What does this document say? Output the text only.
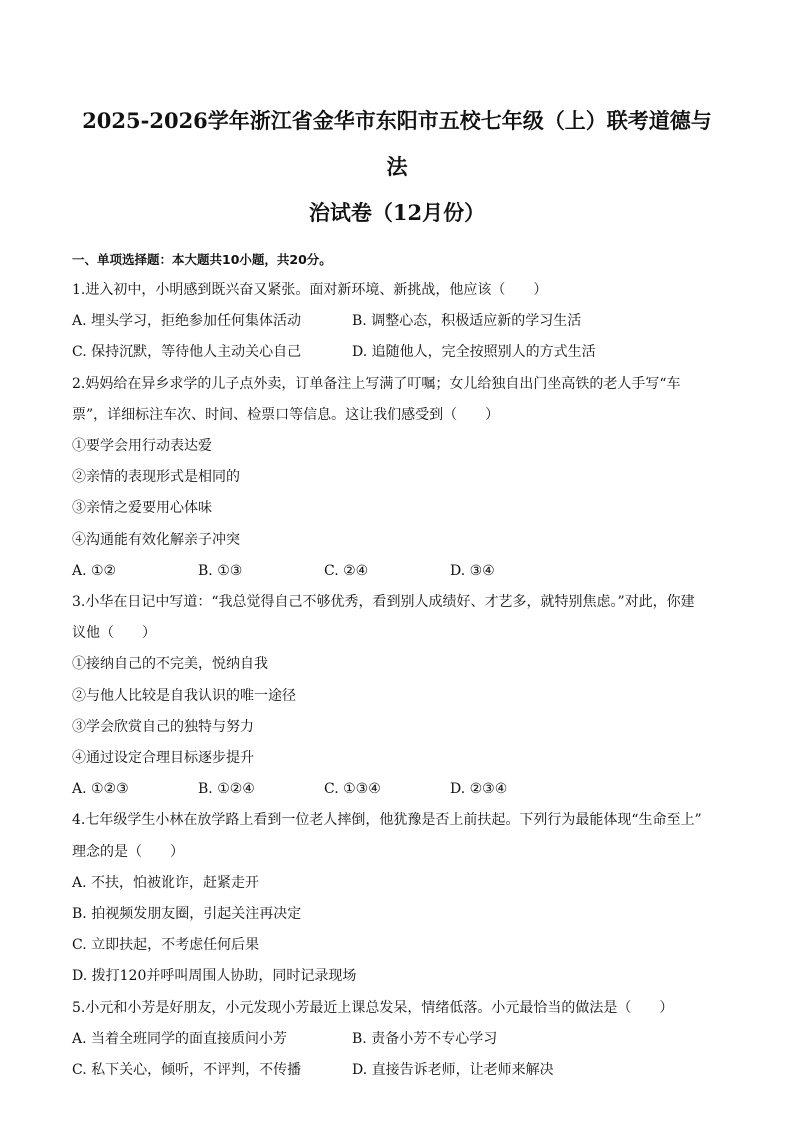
2025-2026学年浙江省金华市东阳市五校七年级（上）联考道德与法
治试卷（12月份）
一、单项选择题：本大题共10小题，共20分。
1.进入初中，小明感到既兴奋又紧张。面对新环境、新挑战，他应该（　　）
A. 埋头学习，拒绝参加任何集体活动	B. 调整心态，积极适应新的学习生活
C. 保持沉默，等待他人主动关心自己	D. 追随他人，完全按照别人的方式生活
2.妈妈给在异乡求学的儿子点外卖，订单备注上写满了叮嘱；女儿给独自出门坐高铁的老人手写“车
票”，详细标注车次、时间、检票口等信息。这让我们感受到（　　）
①要学会用行动表达爱
②亲情的表现形式是相同的
③亲情之爱要用心体味
④沟通能有效化解亲子冲突
A. ①②	B. ①③	C. ②④	D. ③④
3.小华在日记中写道：“我总觉得自己不够优秀，看到别人成绩好、才艺多，就特别焦虑。”对此，你建
议他（　　）
①接纳自己的不完美，悦纳自我
②与他人比较是自我认识的唯一途径
③学会欣赏自己的独特与努力
④通过设定合理目标逐步提升
A. ①②③	B. ①②④	C. ①③④	D. ②③④
4.七年级学生小林在放学路上看到一位老人摔倒，他犹豫是否上前扶起。下列行为最能体现“生命至上”
理念的是（　　）
A. 不扶，怕被讹诈，赶紧走开
B. 拍视频发朋友圈，引起关注再决定
C. 立即扶起，不考虑任何后果
D. 拨打120并呼叫周围人协助，同时记录现场
5.小元和小芳是好朋友，小元发现小芳最近上课总发呆，情绪低落。小元最恰当的做法是（　　）
A. 当着全班同学的面直接质问小芳	B. 责备小芳不专心学习
C. 私下关心，倾听，不评判，不传播	D. 直接告诉老师，让老师来解决
